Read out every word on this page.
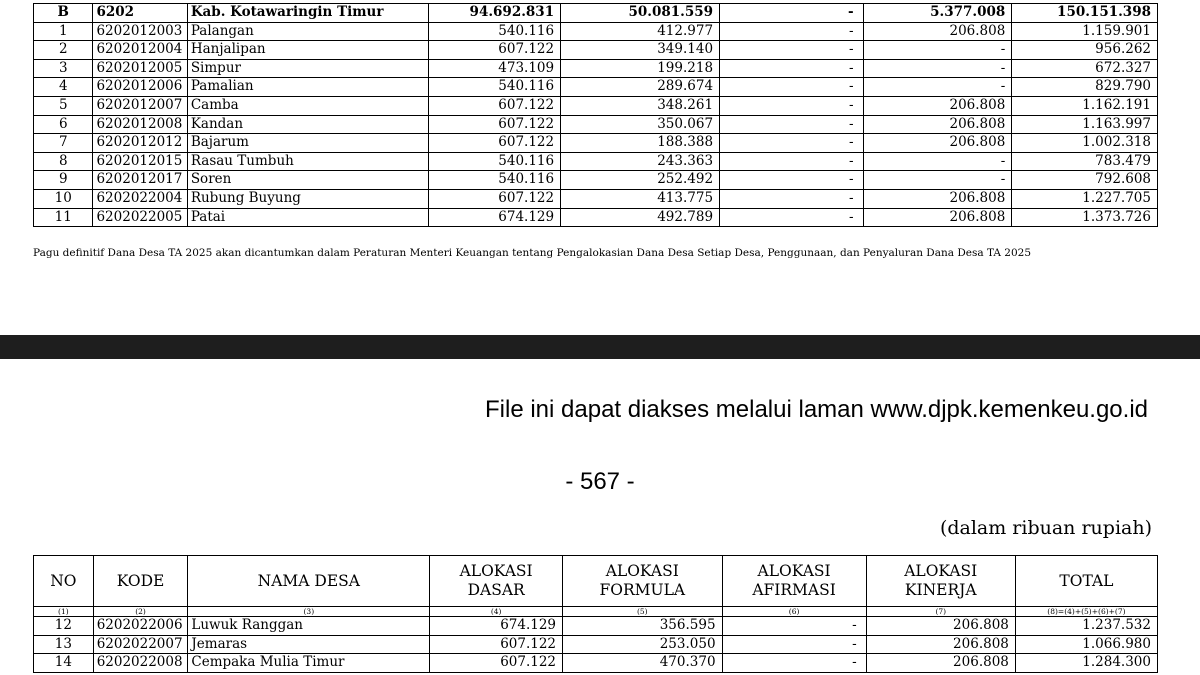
B	6202	Kab. Kotawaringin Timur	94.692.831	50.081.559	-	5.377.008	150.151.398
1	6202012003	Palangan	540.116	412.977	-	206.808	1.159.901
2	6202012004	Hanjalipan	607.122	349.140	-	-	956.262
3	6202012005	Simpur	473.109	199.218	-	-	672.327
4	6202012006	Pamalian	540.116	289.674	-	-	829.790
5	6202012007	Camba	607.122	348.261	-	206.808	1.162.191
6	6202012008	Kandan	607.122	350.067	-	206.808	1.163.997
7	6202012012	Bajarum	607.122	188.388	-	206.808	1.002.318
8	6202012015	Rasau Tumbuh	540.116	243.363	-	-	783.479
9	6202012017	Soren	540.116	252.492	-	-	792.608
10	6202022004	Rubung Buyung	607.122	413.775	-	206.808	1.227.705
11	6202022005	Patai	674.129	492.789	-	206.808	1.373.726
Pagu definitif Dana Desa TA 2025 akan dicantumkan dalam Peraturan Menteri Keuangan tentang Pengalokasian Dana Desa Setiap Desa, Penggunaan, dan Penyaluran Dana Desa TA 2025
File ini dapat diakses melalui laman www.djpk.kemenkeu.go.id
- 567 -
(dalam ribuan rupiah)
NO	KODE	NAMA DESA	ALOKASI DASAR	ALOKASI FORMULA	ALOKASI AFIRMASI	ALOKASI KINERJA	TOTAL
(1)	(2)	(3)	(4)	(5)	(6)	(7)	(8)=(4)+(5)+(6)+(7)
12	6202022006	Luwuk Ranggan	674.129	356.595	-	206.808	1.237.532
13	6202022007	Jemaras	607.122	253.050	-	206.808	1.066.980
14	6202022008	Cempaka Mulia Timur	607.122	470.370	-	206.808	1.284.300
